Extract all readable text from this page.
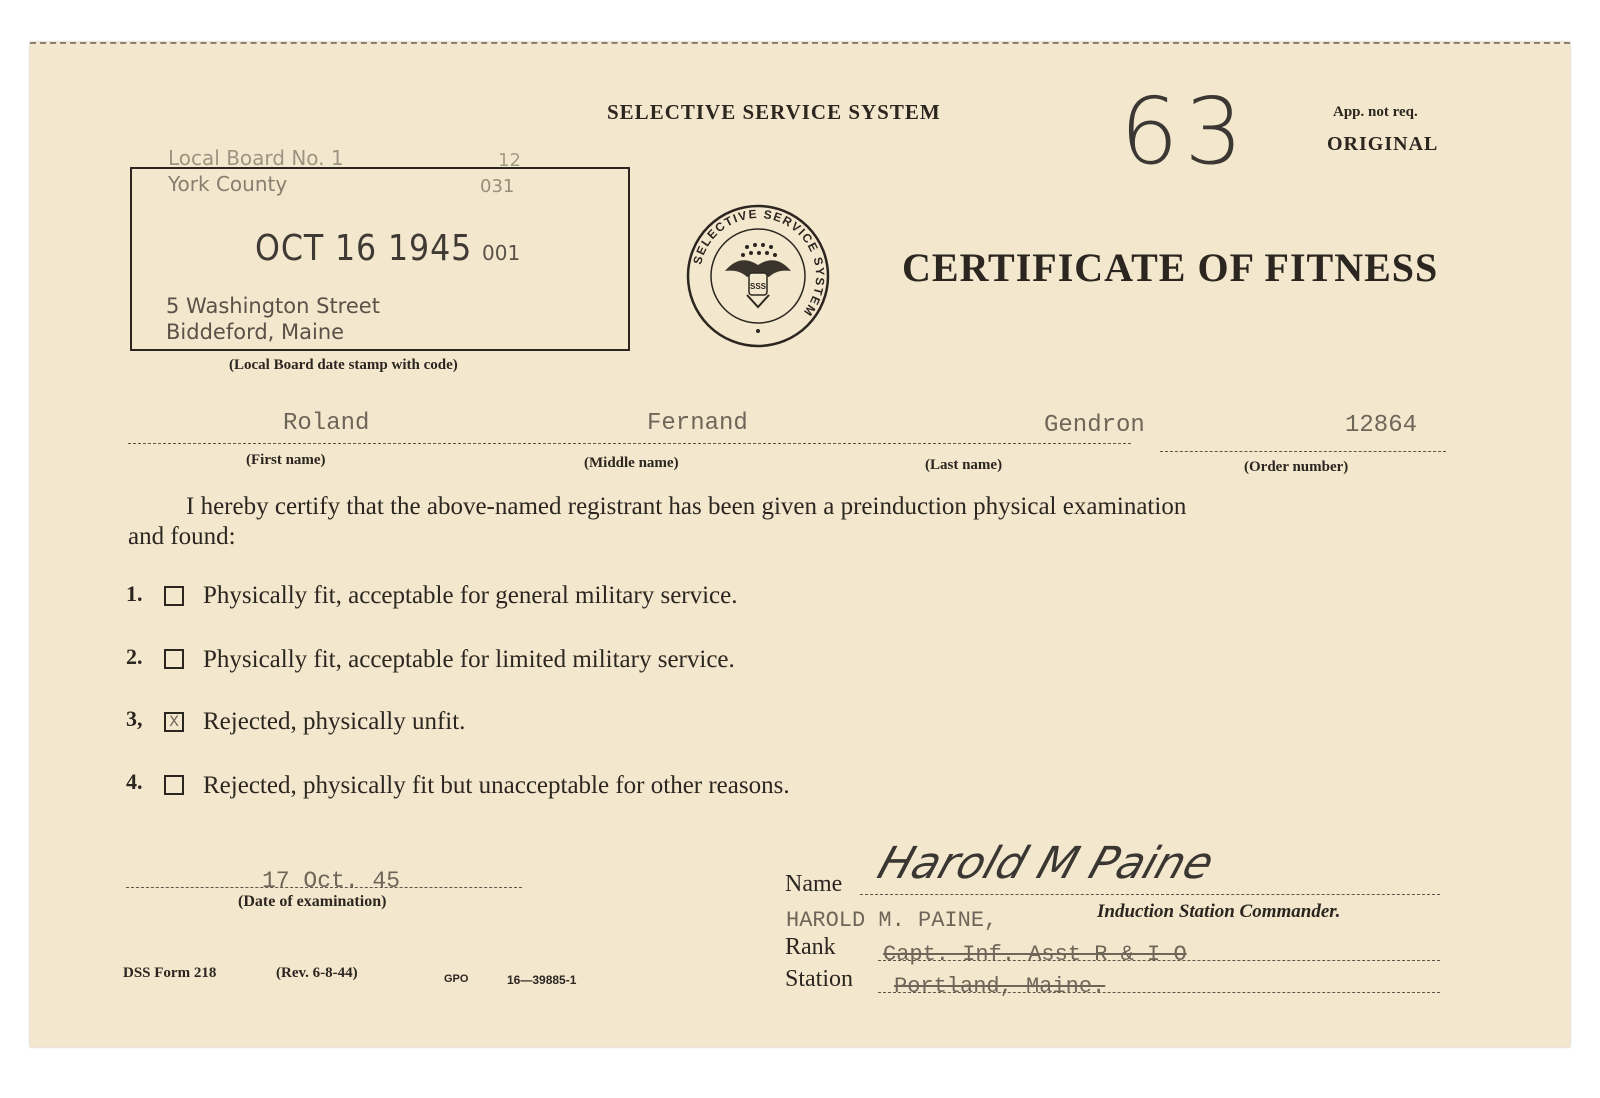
SELECTIVE SERVICE SYSTEM 63	App. not req.
ORIGINAL
CERTIFICATE OF FITNESS
SELECTIVE SERVICE SYSTEM
SSS
Local Board No. 1	12
York County	031
OCT 16 1945 001
5 Washington Street
Biddeford, Maine
(Local Board date stamp with code)
Roland	Fernand	Gendron	12864
(First name)	(Middle name)	(Last name)	(Order number)
I hereby certify that the above-named registrant has been given a preinduction physical examination
and found:
1. Physically fit, acceptable for general military service.
2. Physically fit, acceptable for limited military service.
3,	X Rejected, physically unfit.
4. Rejected, physically fit but unacceptable for other reasons.
17 Oct. 45
(Date of examination)
Name Harold M Paine
HAROLD M. PAINE,	Induction Station Commander.
Rank Capt. Inf. Asst R & I O
Station Portland, Maine.
DSS Form 218	(Rev. 6-8-44)	GPO	16—39885-1
